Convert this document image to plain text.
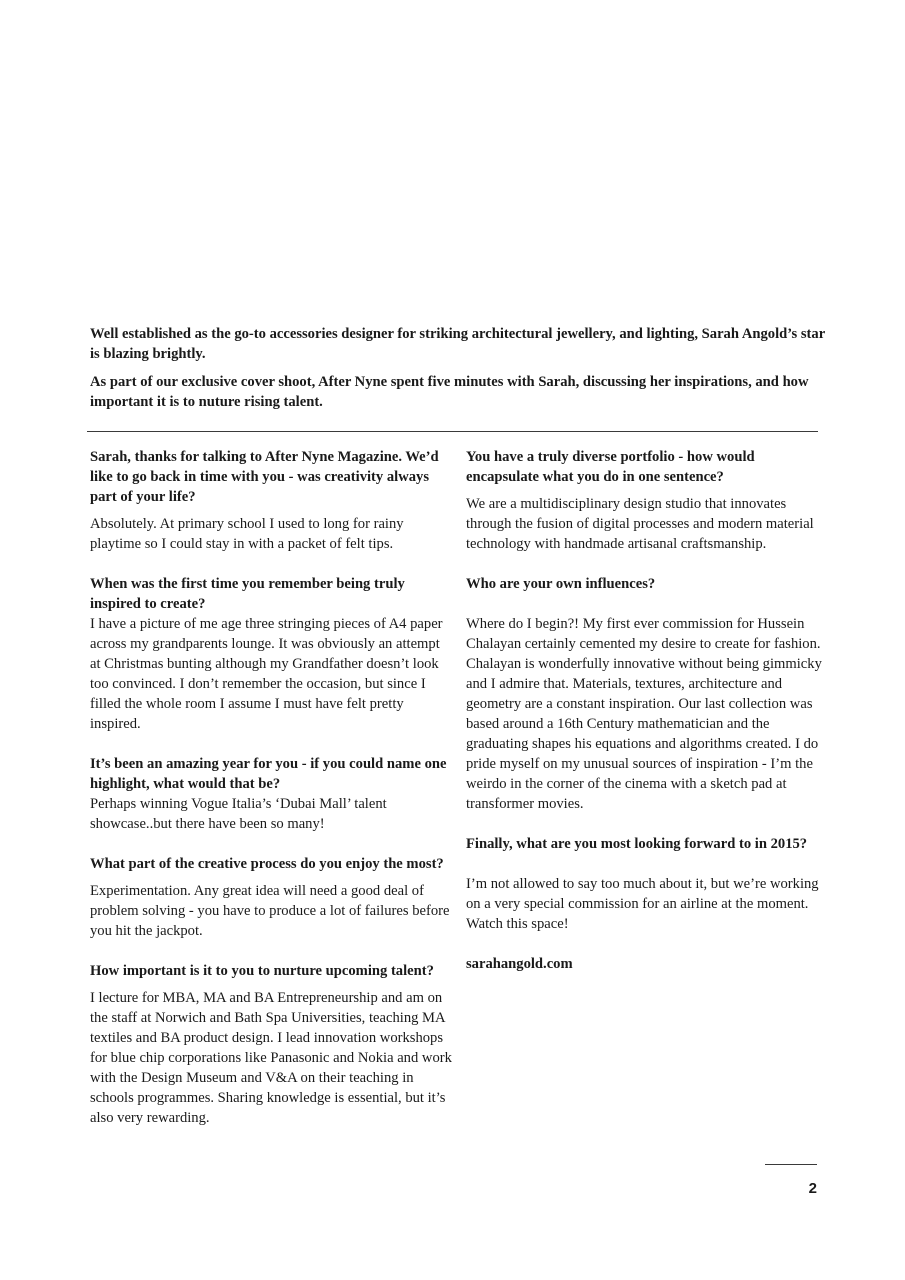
Well established as the go-to accessories designer for striking architectural jewellery, and lighting, Sarah Angold’s star is blazing brightly.

As part of our exclusive cover shoot, After Nyne spent five minutes with Sarah, discussing her inspirations, and how important it is to nuture rising talent.

Sarah, thanks for talking to After Nyne Magazine. We’d like to go back in time with you - was creativity always part of your life?

Absolutely. At primary school I used to long for rainy playtime so I could stay in with a packet of felt tips.

When was the first time you remember being truly inspired to create?

I have a picture of me age three stringing pieces of A4 paper across my grandparents lounge. It was obviously an attempt at Christmas bunting although my Grandfather doesn’t look too convinced. I don’t remember the occasion, but since I filled the whole room I assume I must have felt pretty inspired.

It’s been an amazing year for you - if you could name one highlight, what would that be?

Perhaps winning Vogue Italia’s ‘Dubai Mall’ talent showcase..but there have been so many!

What part of the creative process do you enjoy the most?

Experimentation. Any great idea will need a good deal of problem solving - you have to produce a lot of failures before you hit the jackpot.

How important is it to you to nurture upcoming talent?

I lecture for MBA, MA and BA Entrepreneurship and am on the staff at Norwich and Bath Spa Universities, teaching MA textiles and BA product design. I lead innovation workshops for blue chip corporations like Panasonic and Nokia and work with the Design Museum and V&A on their teaching in schools programmes. Sharing knowledge is essential, but it’s also very rewarding.

You have a truly diverse portfolio - how would encapsulate what you do in one sentence?

We are a multidisciplinary design studio that innovates through the fusion of digital processes and modern material technology with handmade artisanal craftsmanship.

Who are your own influences?

Where do I begin?! My first ever commission for Hussein Chalayan certainly cemented my desire to create for fashion. Chalayan is wonderfully innovative without being gimmicky and I admire that. Materials, textures, architecture and geometry are a constant inspiration. Our last collection was based around a 16th Century mathematician and the graduating shapes his equations and algorithms created. I do pride myself on my unusual sources of inspiration - I’m the weirdo in the corner of the cinema with a sketch pad at transformer movies.

Finally, what are you most looking forward to in 2015?

I’m not allowed to say too much about it, but we’re working on a very special commission for an airline at the moment. Watch this space!

sarahangold.com

2
